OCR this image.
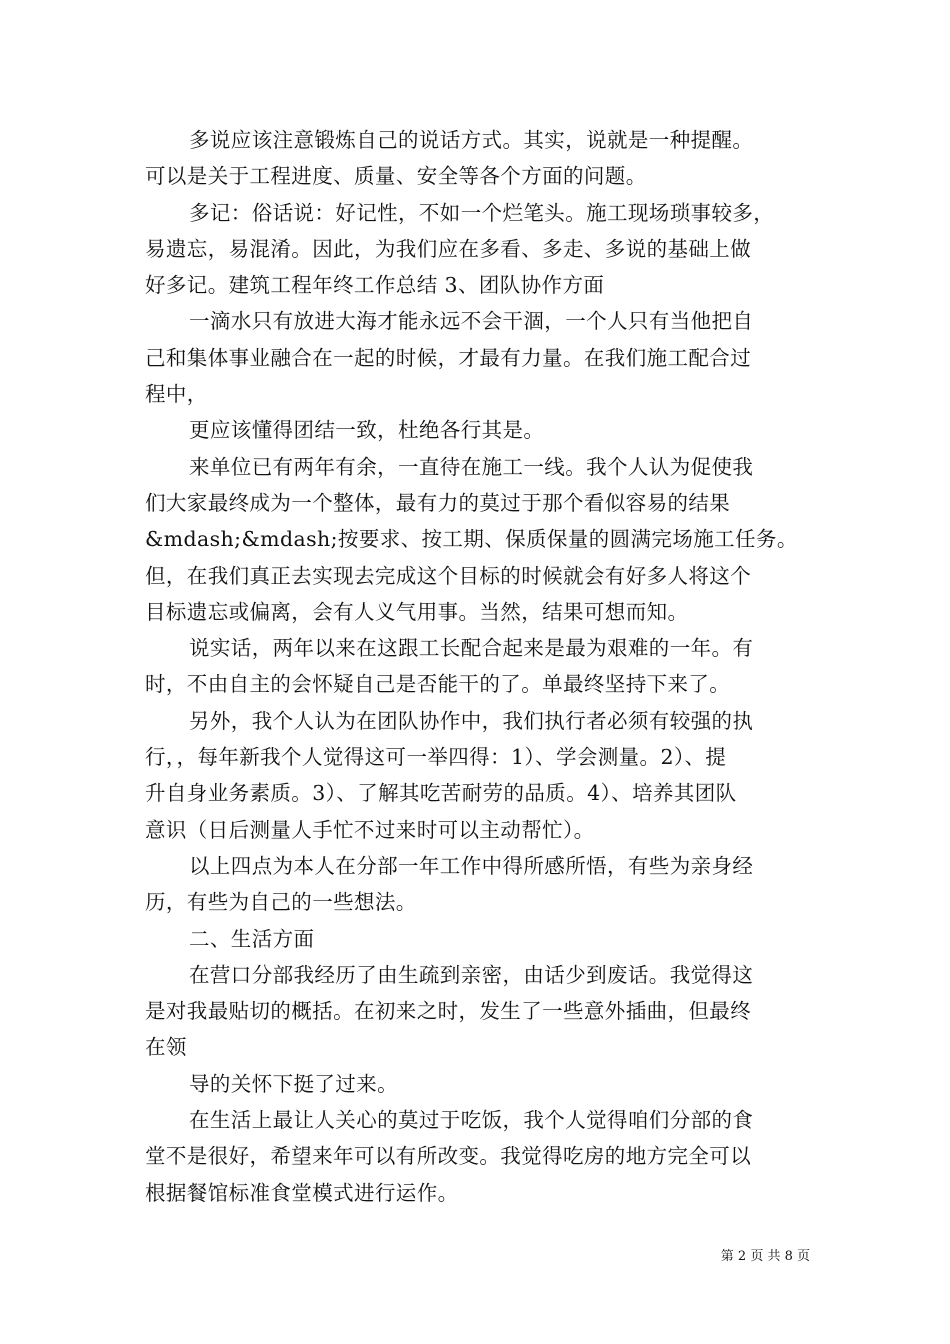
多说应该注意锻炼自己的说话方式。其实，说就是一种提醒。
可以是关于工程进度、质量、安全等各个方面的问题。
多记：俗话说：好记性，不如一个烂笔头。施工现场琐事较多，
易遗忘，易混淆。因此，为我们应在多看、多走、多说的基础上做
好多记。建筑工程年终工作总结 3、团队协作方面
一滴水只有放进大海才能永远不会干涸，一个人只有当他把自
己和集体事业融合在一起的时候，才最有力量。在我们施工配合过
程中，
更应该懂得团结一致，杜绝各行其是。
来单位已有两年有余，一直待在施工一线。我个人认为促使我
们大家最终成为一个整体，最有力的莫过于那个看似容易的结果
&mdash;&mdash;按要求、按工期、保质保量的圆满完场施工任务。
但，在我们真正去实现去完成这个目标的时候就会有好多人将这个
目标遗忘或偏离，会有人义气用事。当然，结果可想而知。
说实话，两年以来在这跟工长配合起来是最为艰难的一年。有
时，不由自主的会怀疑自己是否能干的了。单最终坚持下来了。
另外，我个人认为在团队协作中，我们执行者必须有较强的执
行，，每年新我个人觉得这可一举四得：1）、学会测量。2）、提
升自身业务素质。3）、了解其吃苦耐劳的品质。4）、培养其团队
意识（日后测量人手忙不过来时可以主动帮忙）。
以上四点为本人在分部一年工作中得所感所悟，有些为亲身经
历，有些为自己的一些想法。
二、生活方面
在营口分部我经历了由生疏到亲密，由话少到废话。我觉得这
是对我最贴切的概括。在初来之时，发生了一些意外插曲，但最终
在领
导的关怀下挺了过来。
在生活上最让人关心的莫过于吃饭，我个人觉得咱们分部的食
堂不是很好，希望来年可以有所改变。我觉得吃房的地方完全可以
根据餐馆标准食堂模式进行运作。
第 2 页 共 8 页
